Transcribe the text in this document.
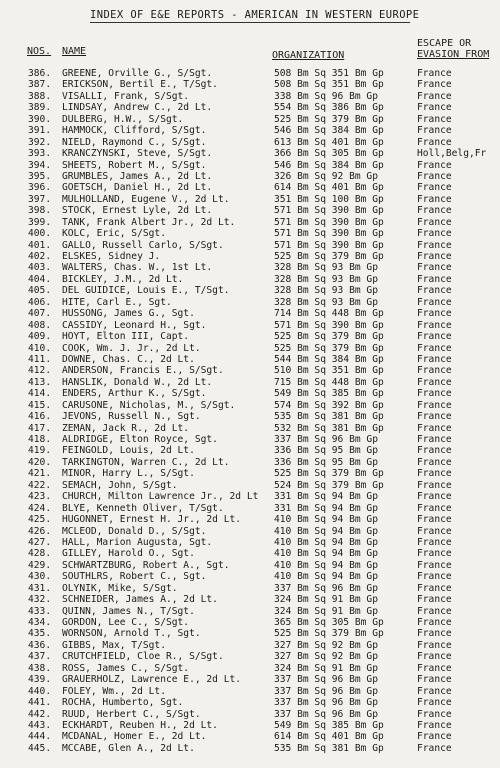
INDEX OF E&E REPORTS - AMERICAN IN WESTERN EUROPE
NOS. NAME	ORGANIZATION
ESCAPE OR
EVASION FROM
386.	GREENE, Orville G., S/Sgt.	508 Bm Sq 351 Bm Gp	France
387.	ERICKSON, Bertil E., T/Sgt.	508 Bm Sq 351 Bm Gp	France
388.	VISALLI, Frank, S/Sgt.	338 Bm Sq 96 Bm Gp	France
389.	LINDSAY, Andrew C., 2d Lt.	554 Bm Sq 386 Bm Gp	France
390.	DULBERG, H.W., S/Sgt.	525 Bm Sq 379 Bm Gp	France
391.	HAMMOCK, Clifford, S/Sgt.	546 Bm Sq 384 Bm Gp	France
392.	NIELD, Raymond C., S/Sgt.	613 Bm Sq 401 Bm Gp	France
393.	KRANCZYNSKI, Steve, S/Sgt.	366 Bm Sq 305 Bm Gp	Holl,Belg,Fr
394.	SHEETS, Robert M., S/Sgt.	546 Bm Sq 384 Bm Gp	France
395.	GRUMBLES, James A., 2d Lt.	326 Bm Sq 92 Bm Gp	France
396.	GOETSCH, Daniel H., 2d Lt.	614 Bm Sq 401 Bm Gp	France
397.	MULHOLLAND, Eugene V., 2d Lt.	351 Bm Sq 100 Bm Gp	France
398.	STOCK, Ernest Lyle, 2d Lt.	571 Bm Sq 390 Bm Gp	France
399.	TANK, Frank Albert Jr., 2d Lt.	571 Bm Sq 390 Bm Gp	France
400.	KOLC, Eric, S/Sgt.	571 Bm Sq 390 Bm Gp	France
401.	GALLO, Russell Carlo, S/Sgt.	571 Bm Sq 390 Bm Gp	France
402.	ELSKES, Sidney J.	525 Bm Sq 379 Bm Gp	France
403.	WALTERS, Chas. W., 1st Lt.	328 Bm Sq 93 Bm Gp	France
404.	BICKLEY, J.M., 2d Lt.	328 Bm Sq 93 Bm Gp	France
405.	DEL GUIDICE, Louis E., T/Sgt.	328 Bm Sq 93 Bm Gp	France
406.	HITE, Carl E., Sgt.	328 Bm Sq 93 Bm Gp	France
407.	HUSSONG, James G., Sgt.	714 Bm Sq 448 Bm Gp	France
408.	CASSIDY, Leonard H., Sgt.	571 Bm Sq 390 Bm Gp	France
409.	HOYT, Elton III, Capt.	525 Bm Sq 379 Bm Gp	France
410.	COOK, Wm. J. Jr., 2d Lt.	525 Bm Sq 379 Bm Gp	France
411.	DOWNE, Chas. C., 2d Lt.	544 Bm Sq 384 Bm Gp	France
412.	ANDERSON, Francis E., S/Sgt.	510 Bm Sq 351 Bm Gp	France
413.	HANSLIK, Donald W., 2d Lt.	715 Bm Sq 448 Bm Gp	France
414.	ENDERS, Arthur K., S/Sgt.	549 Bm Sq 385 Bm Gp	France
415.	CARUSONE, Nicholas, M., S/Sgt.	574 Bm Sq 392 Bm Gp	France
416.	JEVONS, Russell N., Sgt.	535 Bm Sq 381 Bm Gp	France
417.	ZEMAN, Jack R., 2d Lt.	532 Bm Sq 381 Bm Gp	France
418.	ALDRIDGE, Elton Royce, Sgt.	337 Bm Sq 96 Bm Gp	France
419.	FEINGOLD, Louis, 2d Lt.	336 Bm Sq 95 Bm Gp	France
420.	TARKINGTON, Warren C., 2d Lt.	336 Bm Sq 95 Bm Gp	France
421.	MINOR, Harry L., S/Sgt.	525 Bm Sq 379 Bm Gp	France
422.	SEMACH, John, S/Sgt.	524 Bm Sq 379 Bm Gp	France
423.	CHURCH, Milton Lawrence Jr., 2d Lt	331 Bm Sq 94 Bm Gp	France
424.	BLYE, Kenneth Oliver, T/Sgt.	331 Bm Sq 94 Bm Gp	France
425.	HUGONNET, Ernest H. Jr., 2d Lt.	410 Bm Sq 94 Bm Gp	France
426.	MCLEOD, Donald D., S/Sgt.	410 Bm Sq 94 Bm Gp	France
427.	HALL, Marion Augusta, Sgt.	410 Bm Sq 94 Bm Gp	France
428.	GILLEY, Harold O., Sgt.	410 Bm Sq 94 Bm Gp	France
429.	SCHWARTZBURG, Robert A., Sgt.	410 Bm Sq 94 Bm Gp	France
430.	SOUTHLRS, Robert C., Sgt.	410 Bm Sq 94 Bm Gp	France
431.	OLYNIK, Mike, S/Sgt.	337 Bm Sq 96 Bm Gp	France
432.	SCHNEIDER, James A., 2d Lt.	324 Bm Sq 91 Bm Gp	France
433.	QUINN, James N., T/Sgt.	324 Bm Sq 91 Bm Gp	France
434.	GORDON, Lee C., S/Sgt.	365 Bm Sq 305 Bm Gp	France
435.	WORNSON, Arnold T., Sgt.	525 Bm Sq 379 Bm Gp	France
436.	GIBBS, Max, T/Sgt.	327 Bm Sq 92 Bm Gp	France
437.	CRUTCHFIELD, Cloe R., S/Sgt.	327 Bm Sq 92 Bm Gp	France
438.	ROSS, James C., S/Sgt.	324 Bm Sq 91 Bm Gp	France
439.	GRAUERHOLZ, Lawrence E., 2d Lt.	337 Bm Sq 96 Bm Gp	France
440.	FOLEY, Wm., 2d Lt.	337 Bm Sq 96 Bm Gp	France
441.	ROCHA, Humberto, Sgt.	337 Bm Sq 96 Bm Gp	France
442.	RUUD, Herbert C., S/Sgt.	337 Bm Sq 96 Bm Gp	France
443.	ECKHARDT, Reuben H., 2d Lt.	549 Bm Sq 385 Bm Gp	France
444.	MCDANAL, Homer E., 2d Lt.	614 Bm Sq 401 Bm Gp	France
445.	MCCABE, Glen A., 2d Lt.	535 Bm Sq 381 Bm Gp	France
